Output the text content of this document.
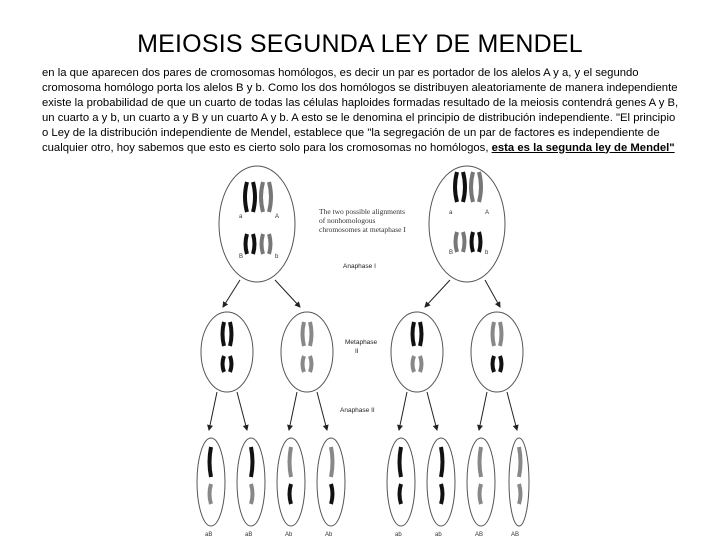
MEIOSIS SEGUNDA LEY DE MENDEL
en la que aparecen dos pares de cromosomas homólogos, es decir un par es portador de los alelos A y a, y el segundo cromosoma homólogo porta los alelos B y b. Como los dos homólogos se distribuyen aleatoriamente de manera independiente existe la probabilidad de que un cuarto de todas las células haploides formadas resultado de la meiosis contendrá genes A y B, un cuarto a y b, un cuarto a y B y un cuarto A y b. A esto se le denomina el principio de distribución independiente. "El principio o Ley de la distribución independiente de Mendel, establece que "la segregación de un par de factores es independiente de cualquier otro, hoy sabemos que esto es cierto solo para los cromosomas no homólogos, esta es la segunda ley de Mendel"
a	A
B	b
a	A
B	b
The two possible alignments
of nonhomologous
chromosomes at metaphase I
Anaphase I
Metaphase
II
Anaphase II
aB	aB	Ab	Ab	ab	ab	AB	AB
